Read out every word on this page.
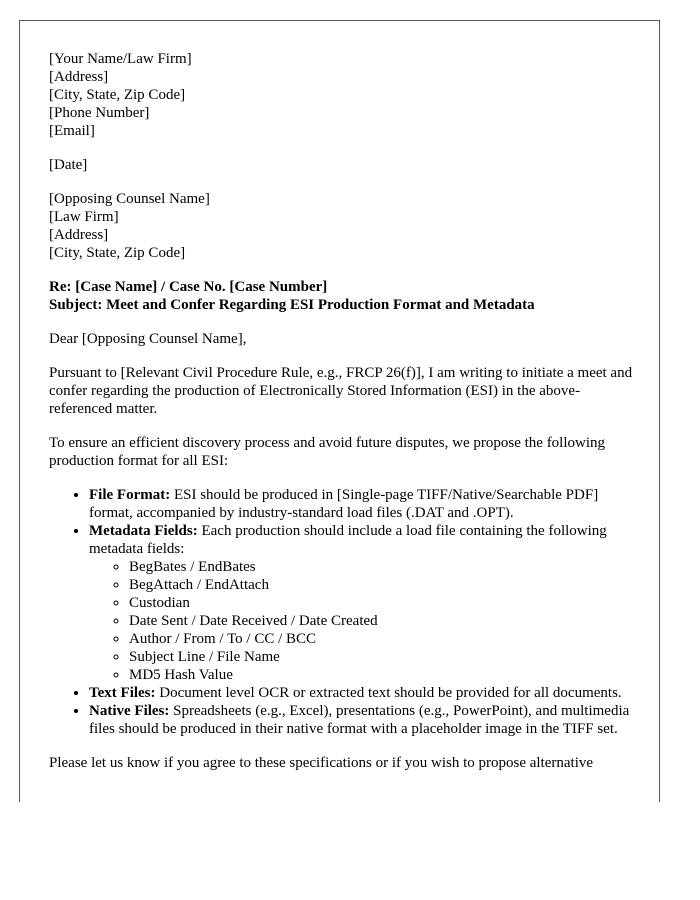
[Your Name/Law Firm]
[Address]
[City, State, Zip Code]
[Phone Number]
[Email]
[Date]
[Opposing Counsel Name]
[Law Firm]
[Address]
[City, State, Zip Code]
Re: [Case Name] / Case No. [Case Number]
Subject: Meet and Confer Regarding ESI Production Format and Metadata

Dear [Opposing Counsel Name],

Pursuant to [Relevant Civil Procedure Rule, e.g., FRCP 26(f)], I am writing to initiate a meet and confer regarding the production of Electronically Stored Information (ESI) in the above-referenced matter.

To ensure an efficient discovery process and avoid future disputes, we propose the following production format for all ESI:

• File Format: ESI should be produced in [Single-page TIFF/Native/Searchable PDF] format, accompanied by industry-standard load files (.DAT and .OPT).
• Metadata Fields: Each production should include a load file containing the following metadata fields:
◦ BegBates / EndBates
◦ BegAttach / EndAttach
◦ Custodian
◦ Date Sent / Date Received / Date Created
◦ Author / From / To / CC / BCC
◦ Subject Line / File Name
◦ MD5 Hash Value
• Text Files: Document level OCR or extracted text should be provided for all documents.
• Native Files: Spreadsheets (e.g., Excel), presentations (e.g., PowerPoint), and multimedia files should be produced in their native format with a placeholder image in the TIFF set.

Please let us know if you agree to these specifications or if you wish to propose alternative
